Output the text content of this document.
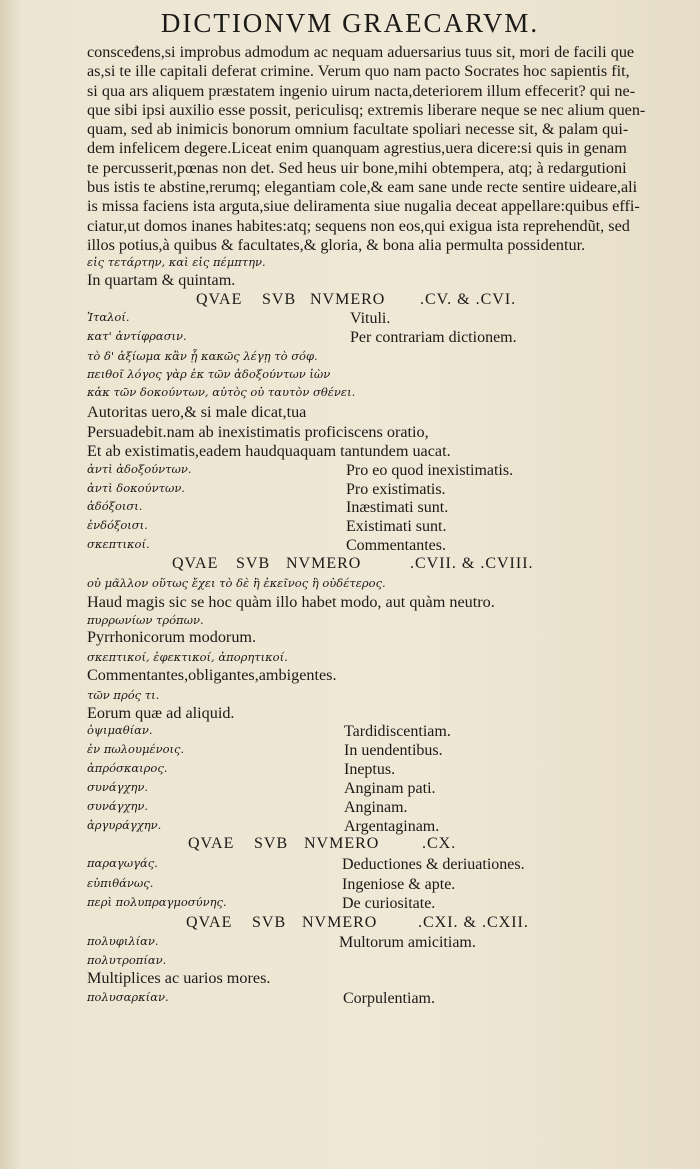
DICTIONVM GRAECARVM.
consceđens,si improbus admodum ac nequam aduersarius tuus sit, mori de facili que
as,si te ille capitali deferat crimine. Verum quo nam pacto Socrates hoc sapientis fit,
si qua ars aliquem præstatem ingenio uirum nacta,deteriorem illum effecerit? qui ne-
que sibi ipsi auxilio esse possit, periculisq; extremis liberare neque se nec alium quen-
quam, sed ab inimicis bonorum omnium facultate spoliari necesse sit, & palam qui-
dem infelicem degere.Liceat enim quanquam agrestius,uera dicere:si quis in genam
te percusserit,pœnas non det. Sed heus uir bone,mihi obtempera, atq; à redargutioni
bus istis te abstine,rerumq; elegantiam cole,& eam sane unde recte sentire uideare,ali
is missa faciens ista arguta,siue deliramenta siue nugalia deceat appellare:quibus effi-
ciatur,ut domos inanes habites:atq; sequens non eos,qui exigua ista reprehendũt, sed
illos potius,à quibus & facultates,& gloria, & bona alia permulta possidentur.
εἰς τετάρτην, καὶ εἰς πέμπτην.
In quartam & quintam.
QVAE SVB NVMERO .CV. & .CVI.
Ἰταλοί.	Vituli.
κατ' ἀντίφρασιν.	Per contrariam dictionem.
τὸ δ' ἀξίωμα κἂν ᾖ κακῶς λέγῃ τὸ σόφ.
πειθοῖ λόγος γὰρ ἐκ τῶν ἀδοξούντων ἰὼν
κἀκ τῶν δοκούντων, αὐτὸς οὐ ταυτὸν σθένει.
Autoritas uero,& si male dicat,tua
Persuadebit.nam ab inexistimatis proficiscens oratio,
Et ab existimatis,eadem haudquaquam tantundem uacat.
ἀντὶ ἀδοξούντων.	Pro eo quod inexistimatis.
ἀντὶ δοκούντων.	Pro existimatis.
ἀδόξοισι.	Inæstimati sunt.
ἐνδόξοισι.	Existimati sunt.
σκεπτικοί.	Commentantes.
QVAE SVB NVMERO	.CVII. & .CVIII.
οὐ μᾶλλον οὕτως ἔχει τὸ δὲ ἢ ἐκεῖνος ἢ οὐδέτερος.
Haud magis sic se hoc quàm illo habet modo, aut quàm neutro.
πυρρωνίων τρόπων.
Pyrrhonicorum modorum.
σκεπτικοί, ἐφεκτικοί, ἀπορητικοί.
Commentantes,obligantes,ambigentes.
τῶν πρός τι.
Eorum quæ ad aliquid.
ὀψιμαθίαν.	Tardidiscentiam.
ἐν πωλουμένοις.	In uendentibus.
ἀπρόσκαιρος.	Ineptus.
συνάγχην.	Anginam pati.
συνάγχην.	Anginam.
ἀργυράγχην.	Argentaginam.
QVAE SVB NVMERO	.CX.
παραγωγάς.	Deductiones & deriuationes.
εὐπιθάνως.	Ingeniose & apte.
περὶ πολυπραγμοσύνης.	De curiositate.
QVAE SVB NVMERO	.CXI. & .CXII.
πολυφιλίαν.	Multorum amicitiam.
πολυτροπίαν.
Multiplices ac uarios mores.
πολυσαρκίαν.	Corpulentiam.
